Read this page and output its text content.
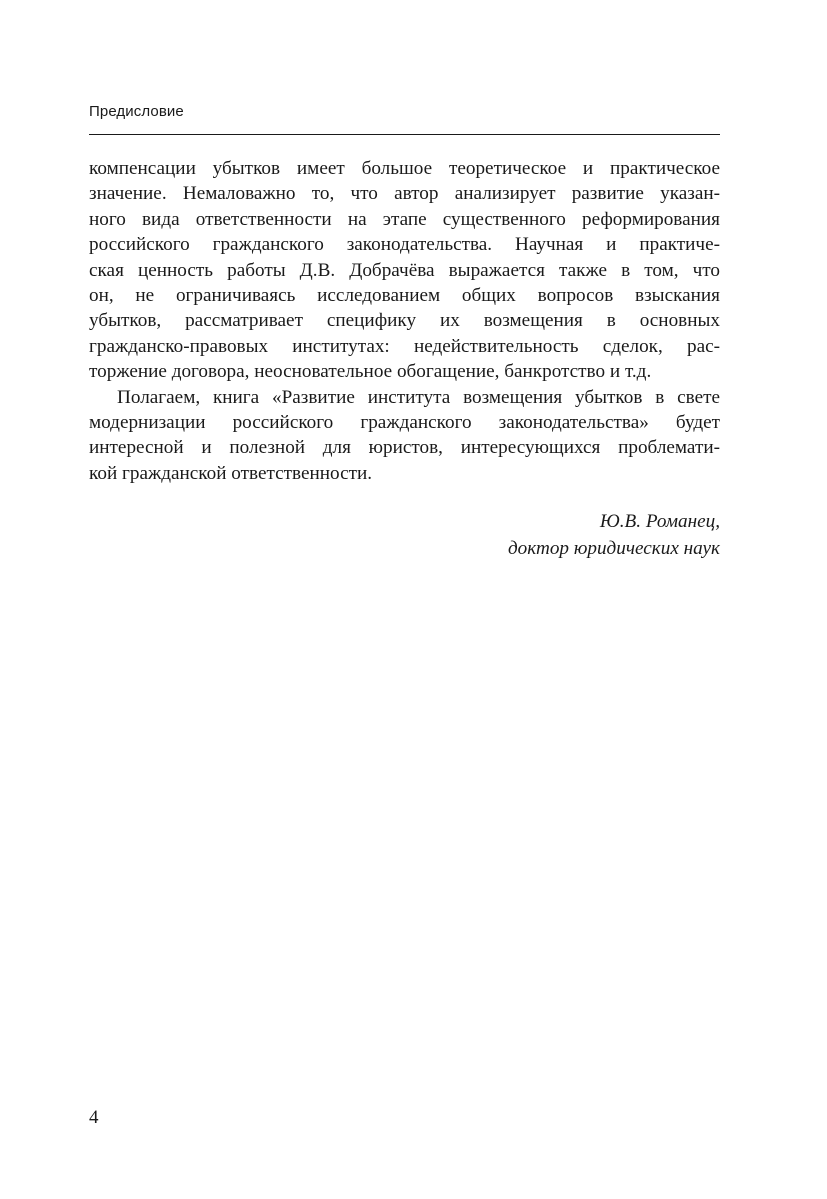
Предисловие

компенсации убытков имеет большое теоретическое и практическое
значение. Немаловажно то, что автор анализирует развитие указан-
ного вида ответственности на этапе существенного реформирования
российского гражданского законодательства. Научная и практиче-
ская ценность работы Д.В. Добрачёва выражается также в том, что
он, не ограничиваясь исследованием общих вопросов взыскания
убытков, рассматривает специфику их возмещения в основных
гражданско-правовых институтах: недействительность сделок, рас-
торжение договора, неосновательное обогащение, банкротство и т.д.

Полагаем, книга «Развитие института возмещения убытков в свете
модернизации российского гражданского законодательства» будет
интересной и полезной для юристов, интересующихся проблемати-
кой гражданской ответственности.

Ю.В. Романец,
доктор юридических наук
4
